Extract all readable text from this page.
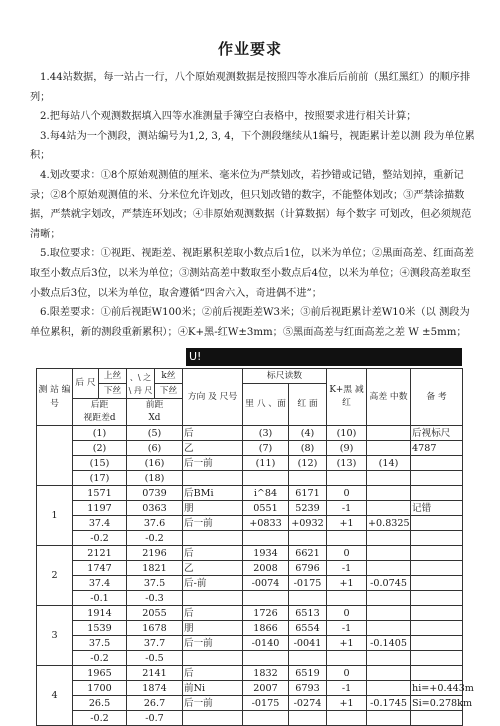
作业要求

1.44站数据，每一站占一行，八个原始观测数据是按照四等水准后后前前（黑红黑红）的顺序排列；

2.把每站八个观测数据填入四等水准测量手簿空白表格中，按照要求进行相关计算；

3.每4站为一个测段，测站编号为1,2, 3, 4，下个测段继续从1编号，视距累计差以测 段为单位累积；

4.划改要求：①8个原始观测值的厘米、毫米位为严禁划改，若抄错或记错，整站划掉，重新记录；②8个原始观测值的米、分米位允许划改，但只划改错的数字，不能整体划改；③严禁涂描数据，严禁就字划改，严禁连环划改；④非原始观测数据（计算数据）每个数字 可划改，但必须规范清晰；

5.取位要求：①视距、视距差、视距累积差取小数点后1位，以米为单位；②黑面高差、红面高差取至小数点后3位，以米为单位；③测站高差中数取至小数点后4位，以米为单位；④测段高差取至小数点后3位，以米为单位，取舍遵循“四舍六入，奇进偶不进”；

6.限差要求：①前后视距W100米；②前后视距差W3米；③前后视距累计差W10米（以 测段为单位累积，新的测段重新累积）；④K+黑-红W±3mm；⑤黑面高差与红面高差之差 W ±5mm；

U!
测 站 编 号	后 尺	上丝	、\ 之 \ 丹 尺	k丝	方向 及 尺号	标尺读数		K+黑 减 红	高差 中数	备 考
		下丝		下丝		里 八 、面	红 面			
	后距
视距差d		前距
Xd							
	(1)		(5)		后	(3)	(4)	(10)		后视标尺
	(2)		(6)		乙	(7)	(8)	(9)		4787
	(15)		(16)		后一前	(11)	(12)	(13)	(14)	
	(17)		(18)							
1	1571		0739		后BMi	i^84	6171	0		
	1197		0363		朋	0551	5239	-1		记错
	37.4		37.6		后一前	+0833	+0932	+1	+0.8325	
	-0.2		-0.2							
2	2121		2196		后	1934	6621	0		
	1747		1821		乙	2008	6796	-1		
	37.4		37.5		后-前	-0074	-0175	+1	-0.0745	
	-0.1		-0.3							
3	1914		2055		后	1726	6513	0		
	1539		1678		朋	1866	6554	-1		
	37.5		37.7		后一前	-0140	-0041	+1	-0.1405	
	-0.2		-0.5							
4	1965		2141		后	1832	6519	0		
	1700		1874		前Ni	2007	6793	-1		hi=+0.443m
	26.5		26.7		后一前	-0175	-0274	+1	-0.1745	Si=0.278km
	-0.2		-0.7							
